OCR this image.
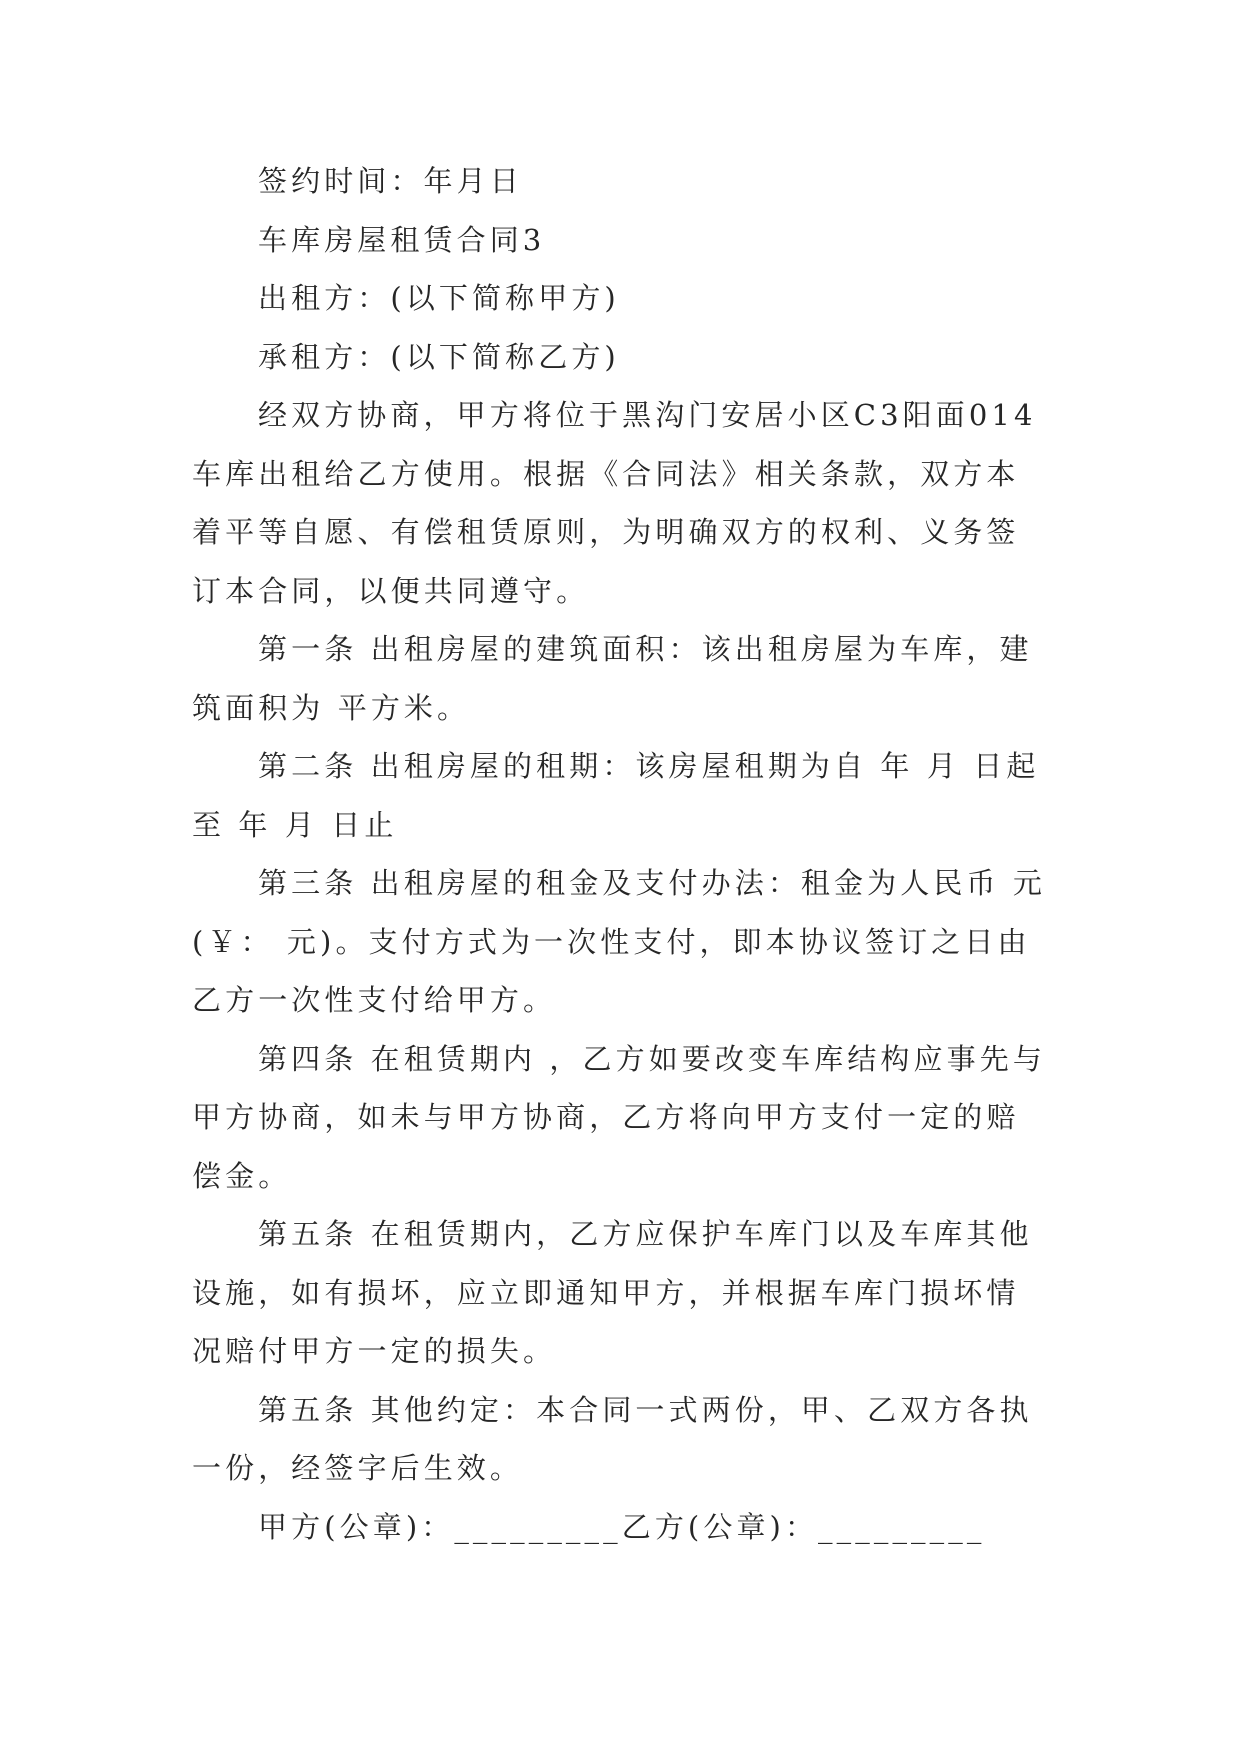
签约时间：年月日

车库房屋租赁合同3

出租方：(以下简称甲方)

承租方：(以下简称乙方)

经双方协商，甲方将位于黑沟门安居小区C3阳面014车库出租给乙方使用。根据《合同法》相关条款，双方本着平等自愿、有偿租赁原则，为明确双方的权利、义务签订本合同，以便共同遵守。

第一条 出租房屋的建筑面积：该出租房屋为车库，建筑面积为 平方米。

第二条 出租房屋的租期：该房屋租期为自 年 月 日起至 年 月 日止

第三条 出租房屋的租金及支付办法：租金为人民币 元(￥： 元)。支付方式为一次性支付，即本协议签订之日由乙方一次性支付给甲方。

第四条 在租赁期内 ，乙方如要改变车库结构应事先与甲方协商，如未与甲方协商，乙方将向甲方支付一定的赔偿金。

第五条 在租赁期内，乙方应保护车库门以及车库其他设施，如有损坏，应立即通知甲方，并根据车库门损坏情况赔付甲方一定的损失。

第五条 其他约定：本合同一式两份，甲、乙双方各执一份，经签字后生效。

甲方(公章)：_________乙方(公章)：_________
